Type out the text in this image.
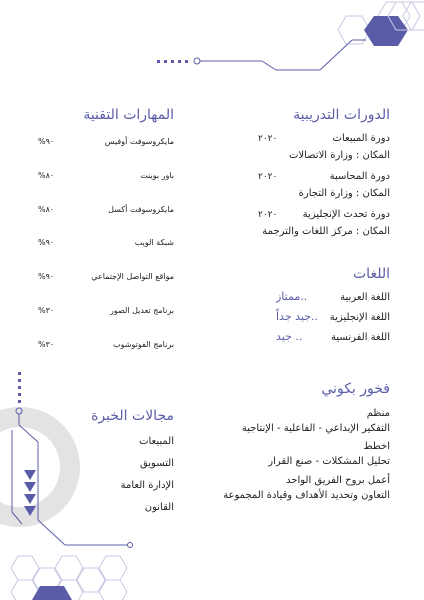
الدورات التدريبية
دورة المبيعات
٢٠٢٠
المكان : وزارة الاتصالات
دورة المحاسبة
٢٠٢٠
المكان : وزارة التجارة
دورة تحدث الإنجليزية
٢٠٢٠
المكان : مركز اللغات والترجمة
اللغات
اللغة العربية
..ممتاز
اللغة الإنجليزية
..جيد جداً
اللغة الفرنسية
.. جيد
فخور بكوني
منظم
التفكير الإبداعي - الفاعلية - الإنتاجية
اخطط
تحليل المشكلات - صنع القرار
أعمل بروح الفريق الواحد
التعاون وتحديد الأهداف وقيادة المجموعة
المهارات التقنية
مايكروسوفت أوفيس
%٩٠
باور بوينت
%٨٠
مايكروسوفت أكسل
%٨٠
شبكة الويب
%٩٠
مواقع التواصل الإجتماعي
%٩٠
برنامج تعديل الصور
%٣٠
برنامج الفوتوشوب
%٣٠
مجالات الخبرة
المبيعات
التسويق
الإدارة العامة
القانون
